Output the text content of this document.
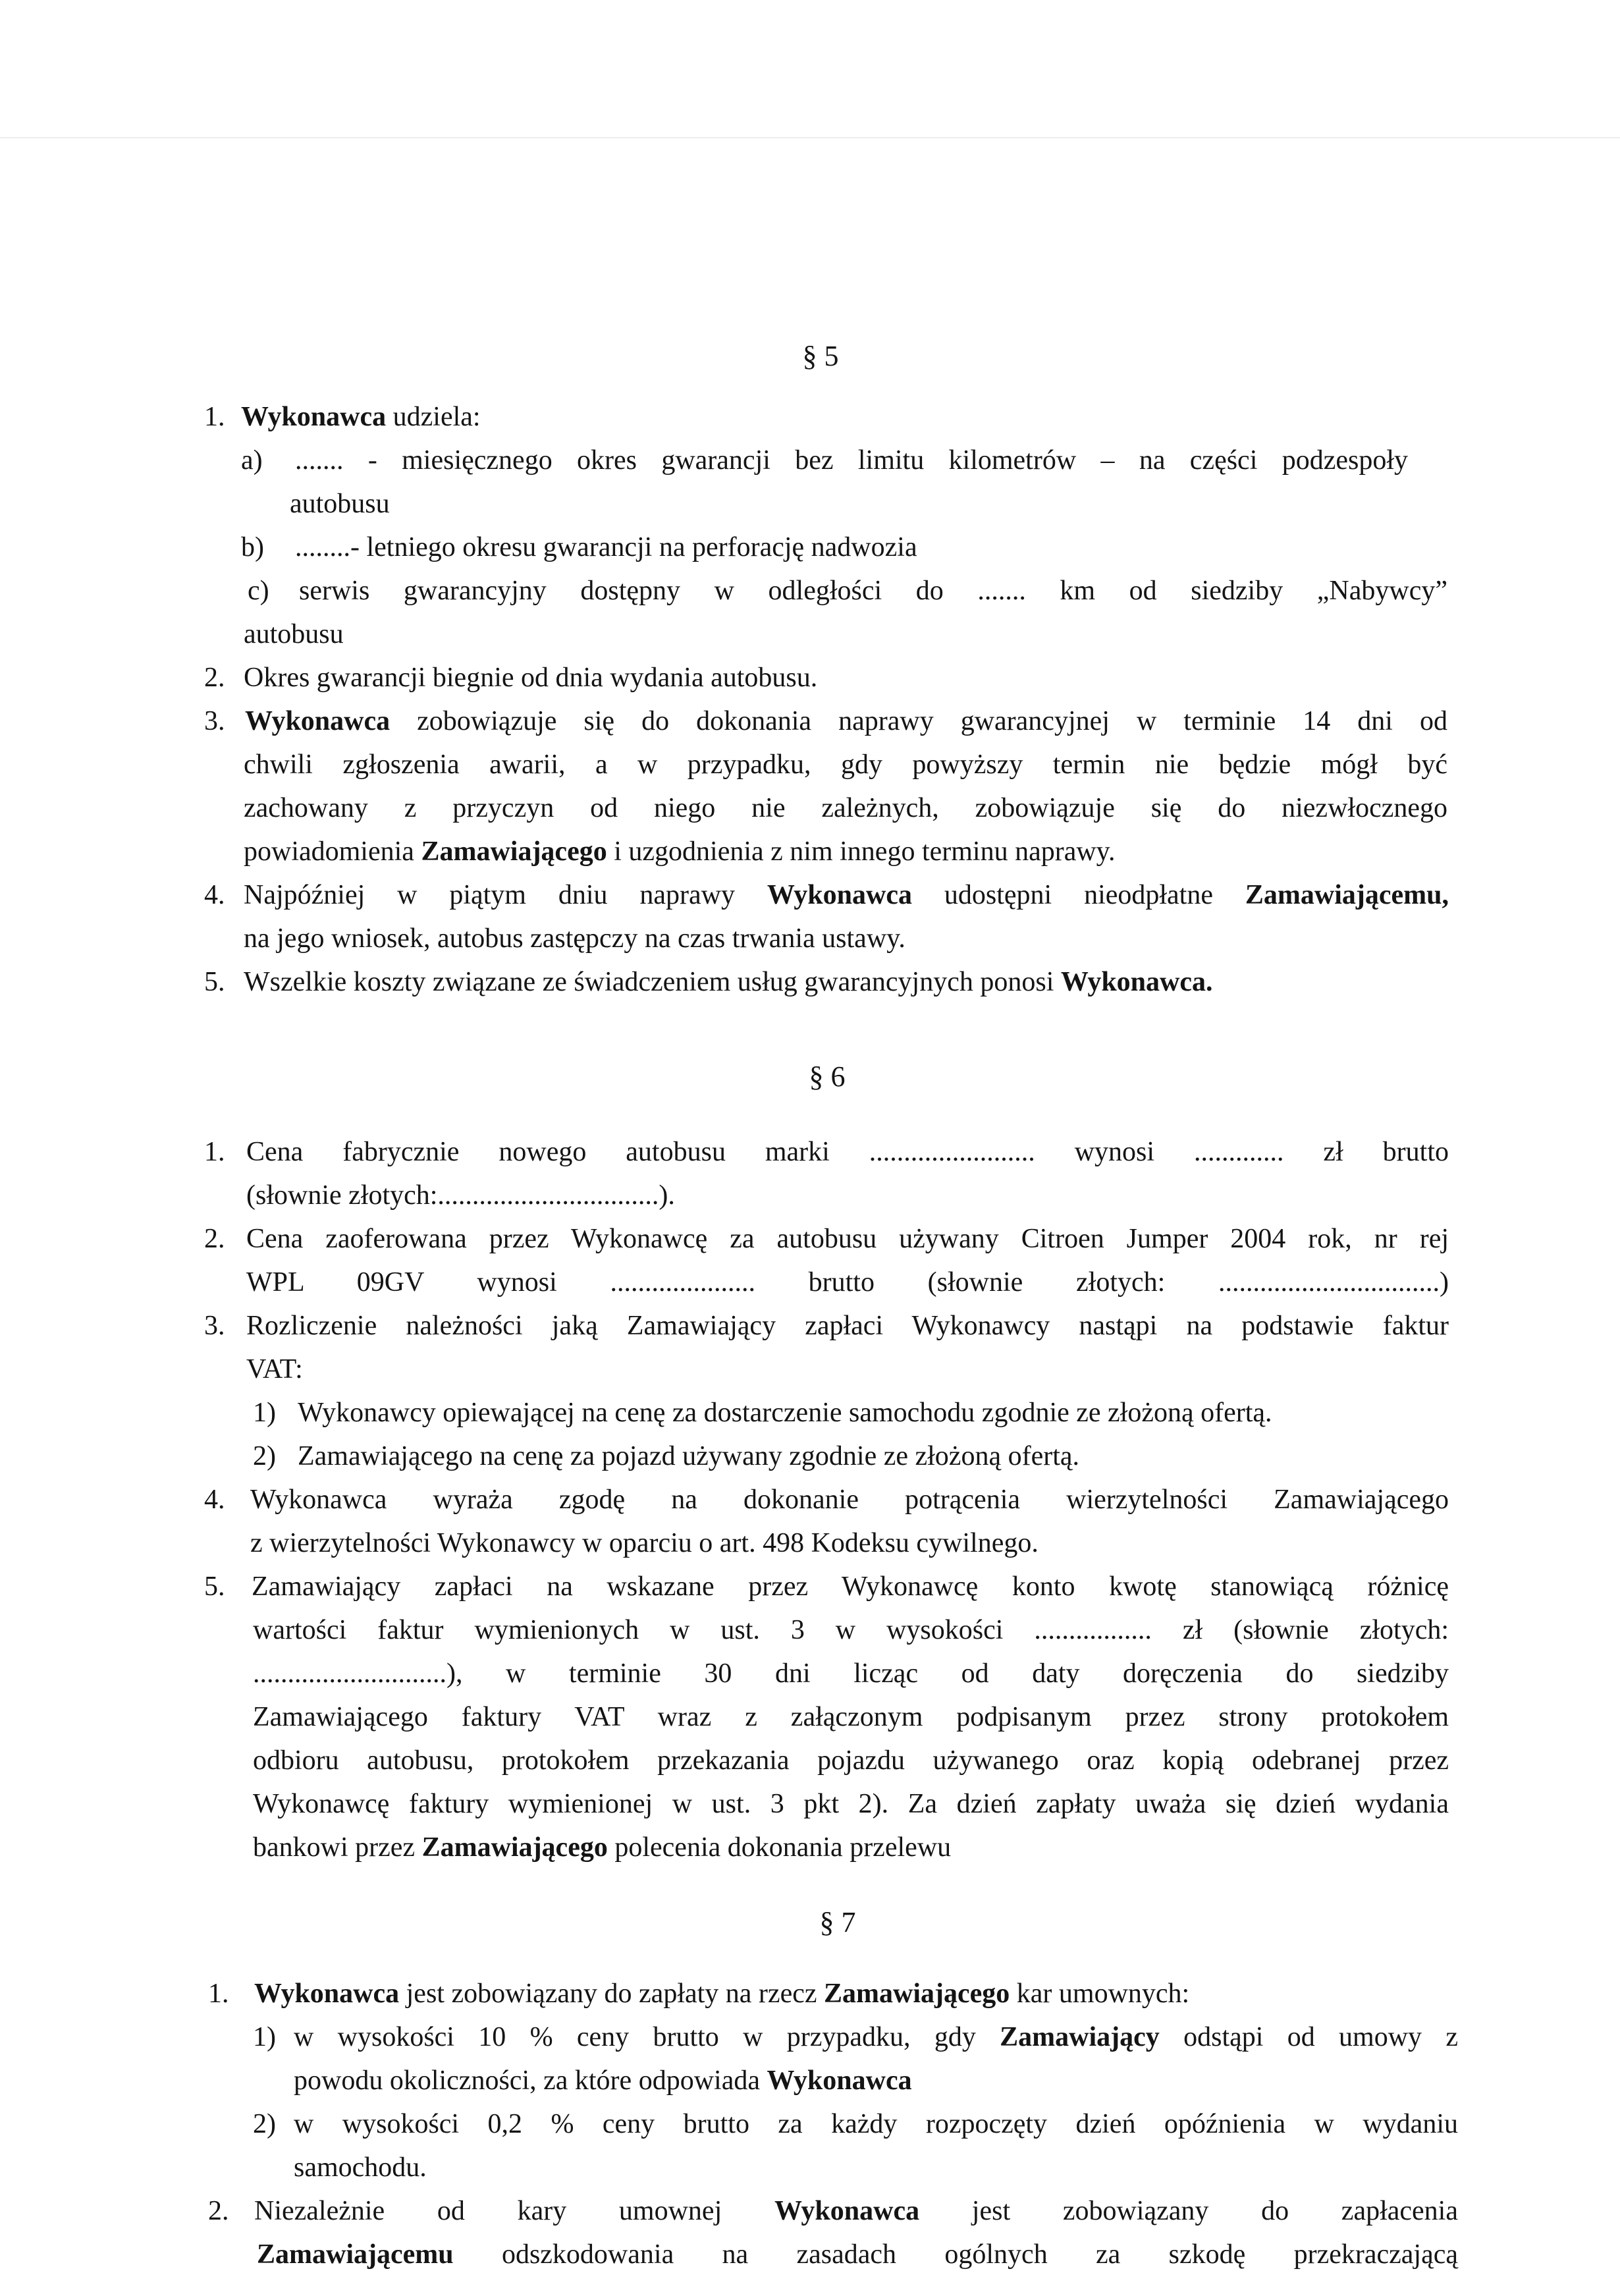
§ 5
1. Wykonawca udziela:
a) ....... - miesięcznego okres gwarancji bez limitu kilometrów – na części podzespoły
autobusu
b) ........- letniego okresu gwarancji na perforację nadwozia
c) serwis gwarancyjny dostępny w odległości do ....... km od siedziby „Nabywcy”
autobusu
2. Okres gwarancji biegnie od dnia wydania autobusu.
3. Wykonawca zobowiązuje się do dokonania naprawy gwarancyjnej w terminie 14 dni od
chwili zgłoszenia awarii, a w przypadku, gdy powyższy termin nie będzie mógł być
zachowany z przyczyn od niego nie zależnych, zobowiązuje się do niezwłocznego
powiadomienia Zamawiającego i uzgodnienia z nim innego terminu naprawy.
4. Najpóźniej w piątym dniu naprawy Wykonawca udostępni nieodpłatne Zamawiającemu,
na jego wniosek, autobus zastępczy na czas trwania ustawy.
5. Wszelkie koszty związane ze świadczeniem usług gwarancyjnych ponosi Wykonawca.
§ 6
1. Cena fabrycznie nowego autobusu marki ........................ wynosi ............. zł brutto
(słownie złotych:................................).
2. Cena zaoferowana przez Wykonawcę za autobusu używany Citroen Jumper 2004 rok, nr rej
WPL 09GV wynosi ..................... brutto (słownie złotych: ................................)
3. Rozliczenie należności jaką Zamawiający zapłaci Wykonawcy nastąpi na podstawie faktur
VAT:
1) Wykonawcy opiewającej na cenę za dostarczenie samochodu zgodnie ze złożoną ofertą.
2) Zamawiającego na cenę za pojazd używany zgodnie ze złożoną ofertą.
4. Wykonawca wyraża zgodę na dokonanie potrącenia wierzytelności Zamawiającego
z wierzytelności Wykonawcy w oparciu o art. 498 Kodeksu cywilnego.
5. Zamawiający zapłaci na wskazane przez Wykonawcę konto kwotę stanowiącą różnicę
wartości faktur wymienionych w ust. 3 w wysokości ................. zł (słownie złotych:
............................), w terminie 30 dni licząc od daty doręczenia do siedziby
Zamawiającego faktury VAT wraz z załączonym podpisanym przez strony protokołem
odbioru autobusu, protokołem przekazania pojazdu używanego oraz kopią odebranej przez
Wykonawcę faktury wymienionej w ust. 3 pkt 2). Za dzień zapłaty uważa się dzień wydania
bankowi przez Zamawiającego polecenia dokonania przelewu
§ 7
1. Wykonawca jest zobowiązany do zapłaty na rzecz Zamawiającego kar umownych:
1) w wysokości 10 % ceny brutto w przypadku, gdy Zamawiający odstąpi od umowy z
powodu okoliczności, za które odpowiada Wykonawca
2) w wysokości 0,2 % ceny brutto za każdy rozpoczęty dzień opóźnienia w wydaniu
samochodu.
2. Niezależnie od kary umownej Wykonawca jest zobowiązany do zapłacenia
Zamawiającemu odszkodowania na zasadach ogólnych za szkodę przekraczającą
